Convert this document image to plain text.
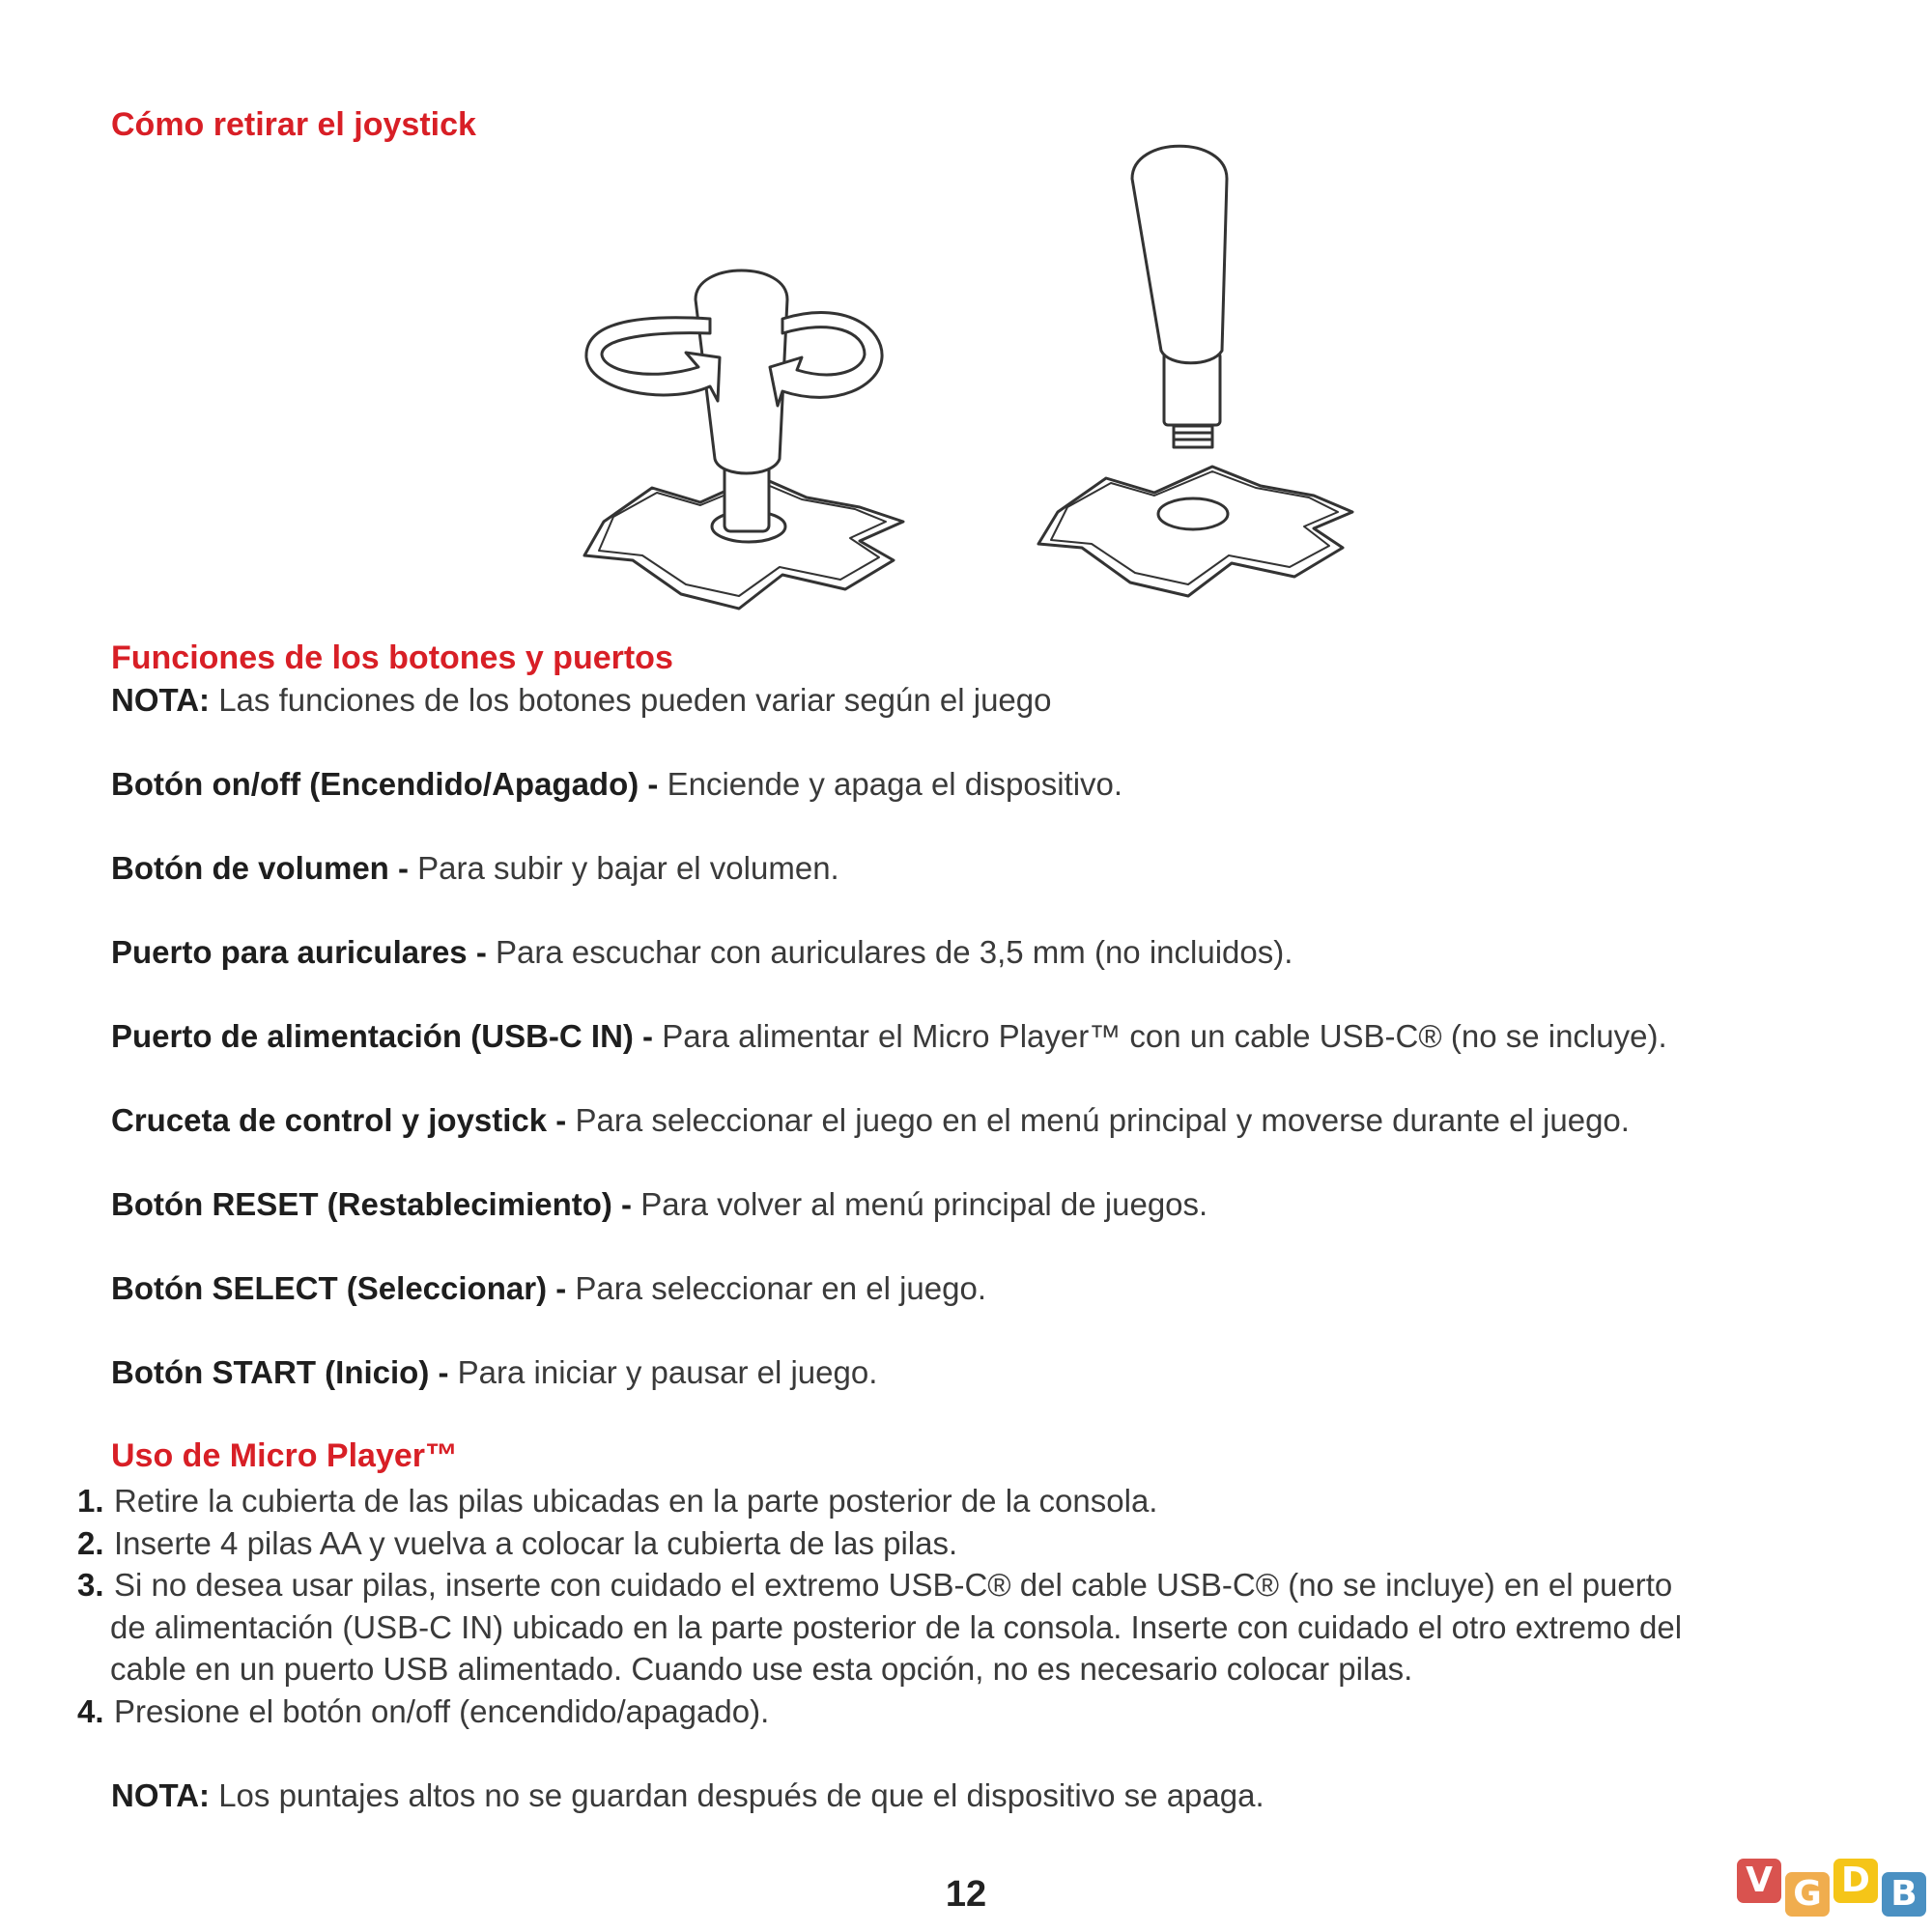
Cómo retirar el joystick
Funciones de los botones y puertos
NOTA: Las funciones de los botones pueden variar según el juego
Botón on/off (Encendido/Apagado) - Enciende y apaga el dispositivo.
Botón de volumen - Para subir y bajar el volumen.
Puerto para auriculares - Para escuchar con auriculares de 3,5 mm (no incluidos).
Puerto de alimentación (USB-C IN) - Para alimentar el Micro Player™ con un cable USB-C® (no se incluye).
Cruceta de control y joystick - Para seleccionar el juego en el menú principal y moverse durante el juego.
Botón RESET (Restablecimiento) - Para volver al menú principal de juegos.
Botón SELECT (Seleccionar) - Para seleccionar en el juego.
Botón START (Inicio) - Para iniciar y pausar el juego.
Uso de Micro Player™
1. Retire la cubierta de las pilas ubicadas en la parte posterior de la consola.
2. Inserte 4 pilas AA y vuelva a colocar la cubierta de las pilas.
3. Si no desea usar pilas, inserte con cuidado el extremo USB-C® del cable USB-C® (no se incluye) en el puerto
de alimentación (USB-C IN) ubicado en la parte posterior de la consola. Inserte con cuidado el otro extremo del
cable en un puerto USB alimentado. Cuando use esta opción, no es necesario colocar pilas.
4. Presione el botón on/off (encendido/apagado).
NOTA: Los puntajes altos no se guardan después de que el dispositivo se apaga.
12	V G D B
